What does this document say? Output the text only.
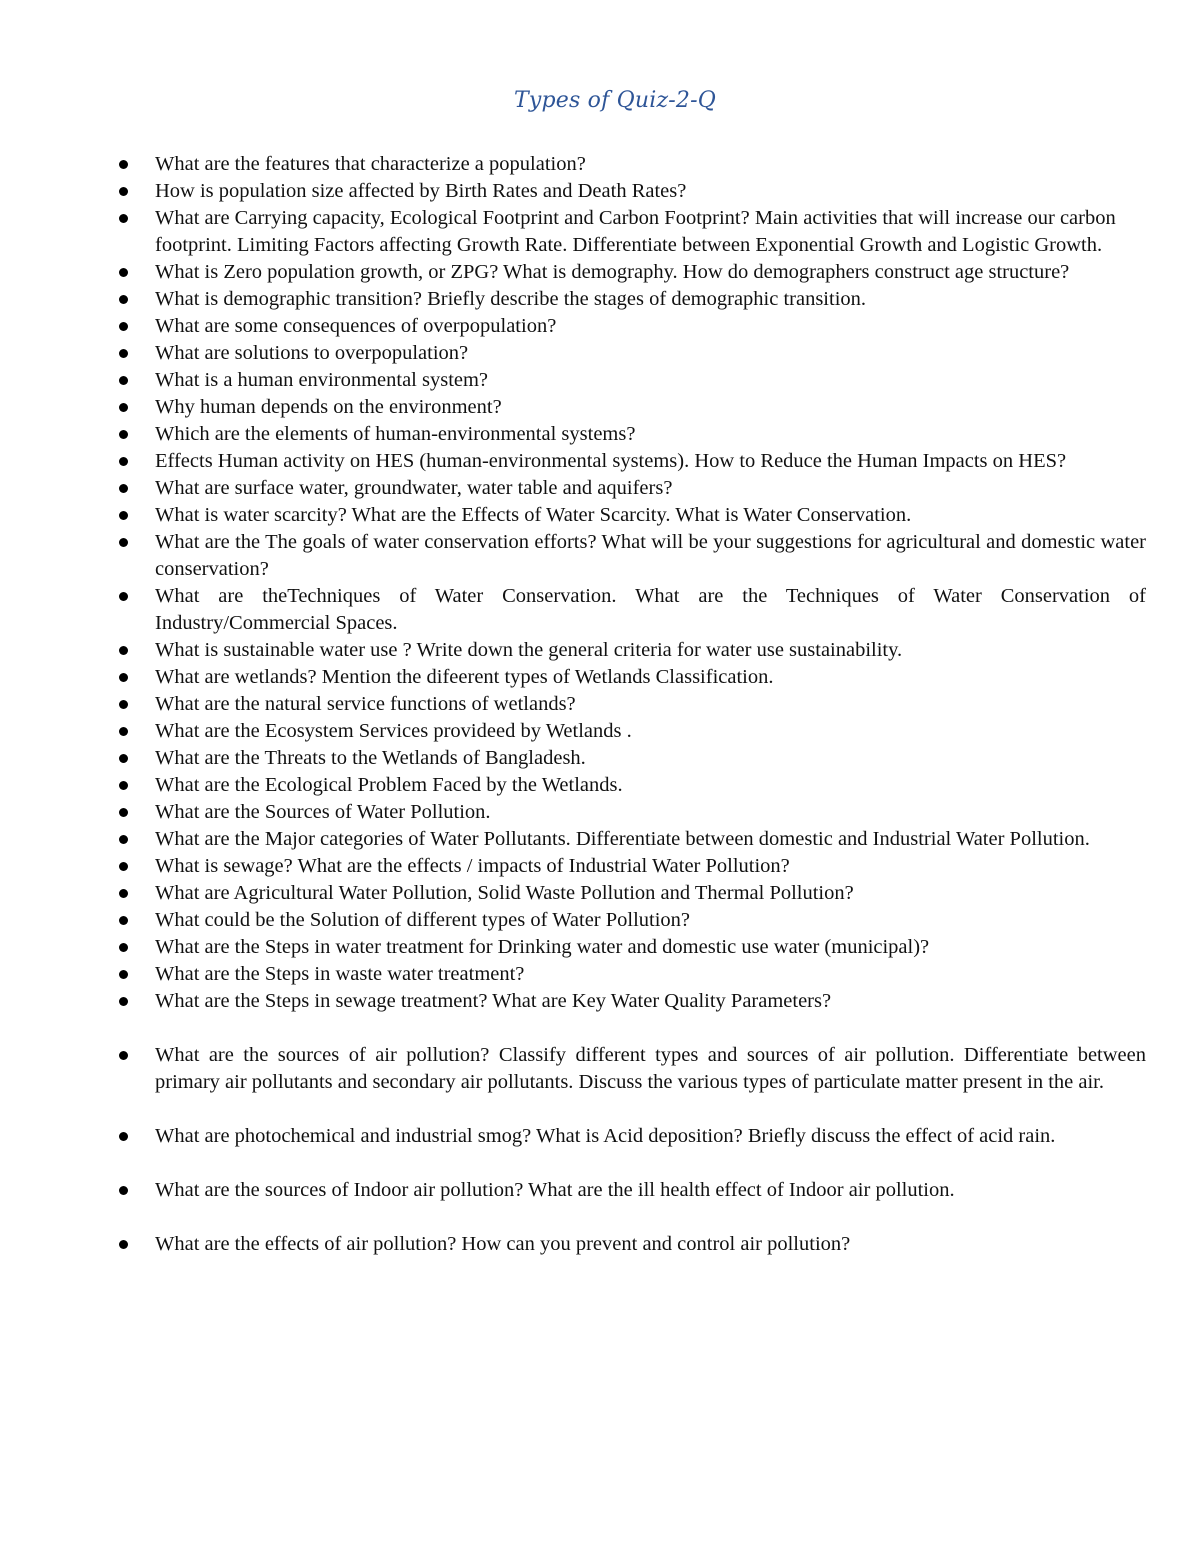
Types of Quiz-2-Q
What are the features that characterize a population?
How is population size affected by Birth Rates and Death Rates?
What are Carrying capacity, Ecological Footprint and Carbon Footprint? Main activities that will increase our carbon footprint. Limiting Factors affecting Growth Rate. Differentiate between Exponential Growth and Logistic Growth.
What is Zero population growth, or ZPG? What is demography. How do demographers construct age structure?
What is demographic transition? Briefly describe the stages of demographic transition.
What are some consequences of overpopulation?
What are solutions to overpopulation?
What is a human environmental system?
Why human depends on the environment?
Which are the elements of human-environmental systems?
Effects Human activity on HES (human-environmental systems). How to Reduce the Human Impacts on HES?
What are surface water, groundwater, water table and aquifers?
What is water scarcity? What are the Effects of Water Scarcity. What is Water Conservation.
What are the The goals of water conservation efforts? What will be your suggestions for agricultural and domestic water conservation?
What are theTechniques of Water Conservation. What are the Techniques of Water Conservation of Industry/Commercial Spaces.
What is sustainable water use ? Write down the general criteria for water use sustainability.
What are wetlands? Mention the difeerent types of Wetlands Classification.
What are the natural service functions of wetlands?
What are the Ecosystem Services provideed by Wetlands .
What are the Threats to the Wetlands of Bangladesh.
What are the Ecological Problem Faced by the Wetlands.
What are the Sources of Water Pollution.
What are the Major categories of Water Pollutants. Differentiate between domestic and Industrial Water Pollution.
What is sewage? What are the effects / impacts of Industrial Water Pollution?
What are Agricultural Water Pollution, Solid Waste Pollution and Thermal Pollution?
What could be the Solution of different types of Water Pollution?
What are the Steps in water treatment for Drinking water and domestic use water (municipal)?
What are the Steps in waste water treatment?
What are the Steps in sewage treatment? What are Key Water Quality Parameters?
What are the sources of air pollution? Classify different types and sources of air pollution. Differentiate between primary air pollutants and secondary air pollutants. Discuss the various types of particulate matter present in the air.
What are photochemical and industrial smog? What is Acid deposition? Briefly discuss the effect of acid rain.
What are the sources of Indoor air pollution? What are the ill health effect of Indoor air pollution.
What are the effects of air pollution? How can you prevent and control air pollution?
